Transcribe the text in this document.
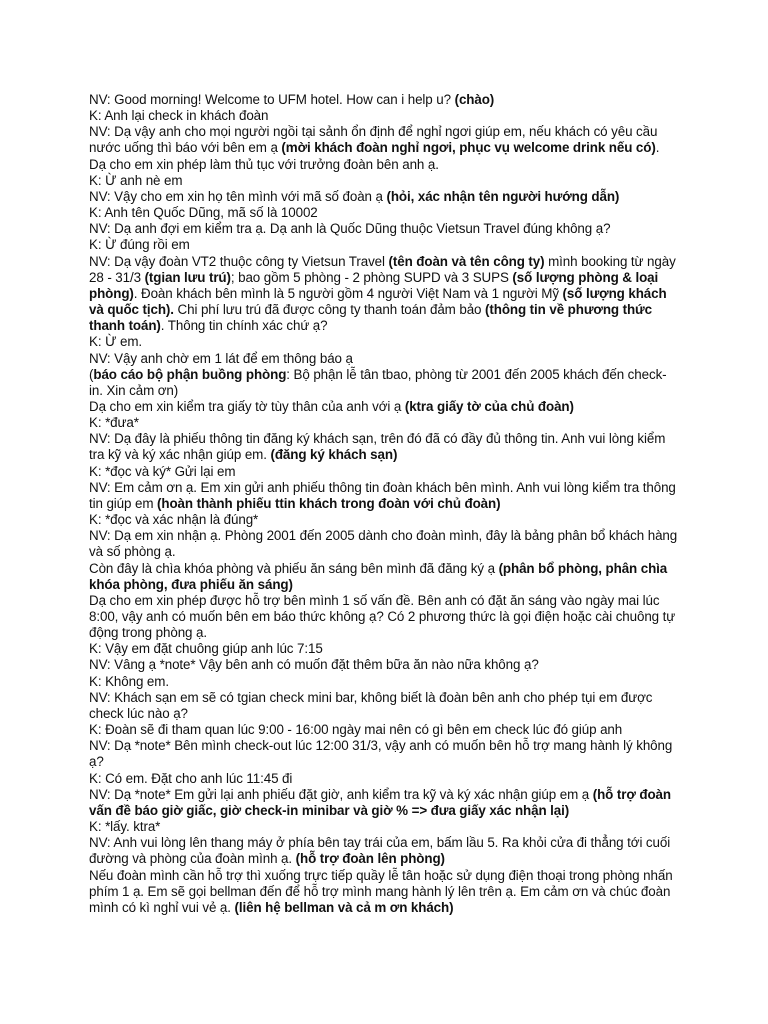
NV: Good morning! Welcome to UFM hotel. How can i help u? (chào)

K: Anh lại check in khách đoàn

NV: Dạ vậy anh cho mọi người ngồi tại sảnh ổn định để nghỉ ngơi giúp em, nếu khách có yêu cầu nước uống thì báo với bên em ạ (mời khách đoàn nghỉ ngơi, phục vụ welcome drink nếu có). Dạ cho em xin phép làm thủ tục với trưởng đoàn bên anh ạ.

K: Ừ anh nè em

NV: Vậy cho em xin họ tên mình với mã số đoàn ạ (hỏi, xác nhận tên người hướng dẫn)

K: Anh tên Quốc Dũng, mã số là 10002

NV: Dạ anh đợi em kiểm tra ạ. Dạ anh là Quốc Dũng thuộc Vietsun Travel đúng không ạ?

K: Ừ đúng rồi em

NV: Dạ vậy đoàn VT2 thuộc công ty Vietsun Travel (tên đoàn và tên công ty) mình booking từ ngày 28 - 31/3 (tgian lưu trú); bao gồm 5 phòng - 2 phòng SUPD và 3 SUPS (số lượng phòng & loại phòng). Đoàn khách bên mình là 5 người gồm 4 người Việt Nam và 1 người Mỹ (số lượng khách và quốc tịch). Chi phí lưu trú đã được công ty thanh toán đảm bảo (thông tin về phương thức thanh toán). Thông tin chính xác chứ ạ?

K: Ừ em.

NV: Vậy anh chờ em 1 lát để em thông báo ạ

(báo cáo bộ phận buồng phòng: Bộ phận lễ tân tbao, phòng từ 2001 đến 2005 khách đến check-in. Xin cảm ơn)

Dạ cho em xin kiểm tra giấy tờ tùy thân của anh với ạ (ktra giấy tờ của chủ đoàn)

K: *đưa*

NV: Dạ đây là phiếu thông tin đăng ký khách sạn, trên đó đã có đầy đủ thông tin. Anh vui lòng kiểm tra kỹ và ký xác nhận giúp em. (đăng ký khách sạn)

K: *đọc và ký* Gửi lại em

NV: Em cảm ơn ạ. Em xin gửi anh phiếu thông tin đoàn khách bên mình. Anh vui lòng kiểm tra thông tin giúp em (hoàn thành phiếu ttin khách trong đoàn với chủ đoàn)

K: *đọc và xác nhận là đúng*

NV: Dạ em xin nhận ạ. Phòng 2001 đến 2005 dành cho đoàn mình, đây là bảng phân bổ khách hàng và số phòng ạ.

Còn đây là chìa khóa phòng và phiếu ăn sáng bên mình đã đăng ký ạ (phân bổ phòng, phân chìa khóa phòng, đưa phiếu ăn sáng)

Dạ cho em xin phép được hỗ trợ bên mình 1 số vấn đề. Bên anh có đặt ăn sáng vào ngày mai lúc 8:00, vậy anh có muốn bên em báo thức không ạ? Có 2 phương thức là gọi điện hoặc cài chuông tự động trong phòng ạ.

K: Vậy em đặt chuông giúp anh lúc 7:15

NV: Vâng ạ *note* Vậy bên anh có muốn đặt thêm bữa ăn nào nữa không ạ?

K: Không em.

NV: Khách sạn em sẽ có tgian check mini bar, không biết là đoàn bên anh cho phép tụi em được check lúc nào ạ?

K: Đoàn sẽ đi tham quan lúc 9:00 - 16:00 ngày mai nên có gì bên em check lúc đó giúp anh

NV: Dạ *note* Bên mình check-out lúc 12:00 31/3, vậy anh có muốn bên hỗ trợ mang hành lý không ạ?

K: Có em. Đặt cho anh lúc 11:45 đi

NV: Dạ *note* Em gửi lại anh phiếu đặt giờ, anh kiểm tra kỹ và ký xác nhận giúp em ạ (hỗ trợ đoàn vấn đề báo giờ giấc, giờ check-in minibar và giờ % => đưa giấy xác nhận lại)

K: *lấy. ktra*

NV: Anh vui lòng lên thang máy ở phía bên tay trái của em, bấm lầu 5. Ra khỏi cửa đi thẳng tới cuối đường và phòng của đoàn mình ạ. (hỗ trợ đoàn lên phòng)

Nếu đoàn mình cần hỗ trợ thì xuống trực tiếp quầy lễ tân hoặc sử dụng điện thoại trong phòng nhấn phím 1 ạ. Em sẽ gọi bellman đến để hỗ trợ mình mang hành lý lên trên ạ. Em cảm ơn và chúc đoàn mình có kì nghỉ vui vẻ ạ. (liên hệ bellman và cả m ơn khách)
